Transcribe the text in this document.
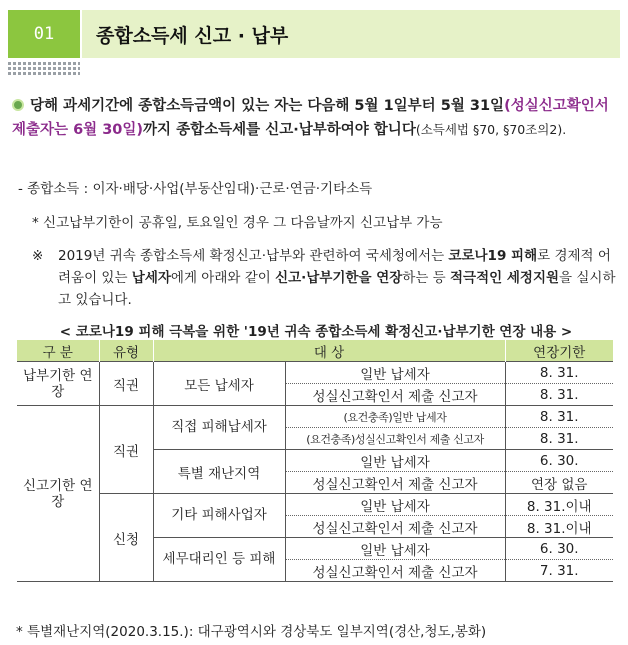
01	종합소득세 신고 · 납부
당해 과세기간에 종합소득금액이 있는 자는 다음해 5월 1일부터 5월 31일(성실신고확인서 제출자는 6월 30일)까지 종합소득세를 신고·납부하여야 합니다(소득세법 §70, §70조의2).
- 종합소득 : 이자·배당·사업(부동산임대)·근로·연금·기타소득
* 신고납부기한이 공휴일, 토요일인 경우 그 다음날까지 신고납부 가능
※ 2019년 귀속 종합소득세 확정신고·납부와 관련하여 국세청에서는 코로나19 피해로 경제적 어려움이 있는 납세자에게 아래와 같이 신고·납부기한을 연장하는 등 적극적인 세정지원을 실시하고 있습니다.
< 코로나19 피해 극복을 위한 '19년 귀속 종합소득세 확정신고·납부기한 연장 내용 >
구 분	유형	대 상		연장기한
납부기한 연장	직권	모든 납세자	일반 납세자	8. 31.
			성실신고확인서 제출 신고자	8. 31.
신고기한 연장	직권	직접 피해납세자	(요건충족)일반 납세자	8. 31.
			(요건충족)성실신고확인서 제출 신고자	8. 31.
		특별 재난지역	일반 납세자	6. 30.
			성실신고확인서 제출 신고자	연장 없음
	신청	기타 피해사업자	일반 납세자	8. 31.이내
			성실신고확인서 제출 신고자	8. 31.이내
		세무대리인 등 피해	일반 납세자	6. 30.
			성실신고확인서 제출 신고자	7. 31.
* 특별재난지역(2020.3.15.): 대구광역시와 경상북도 일부지역(경산,청도,봉화)
